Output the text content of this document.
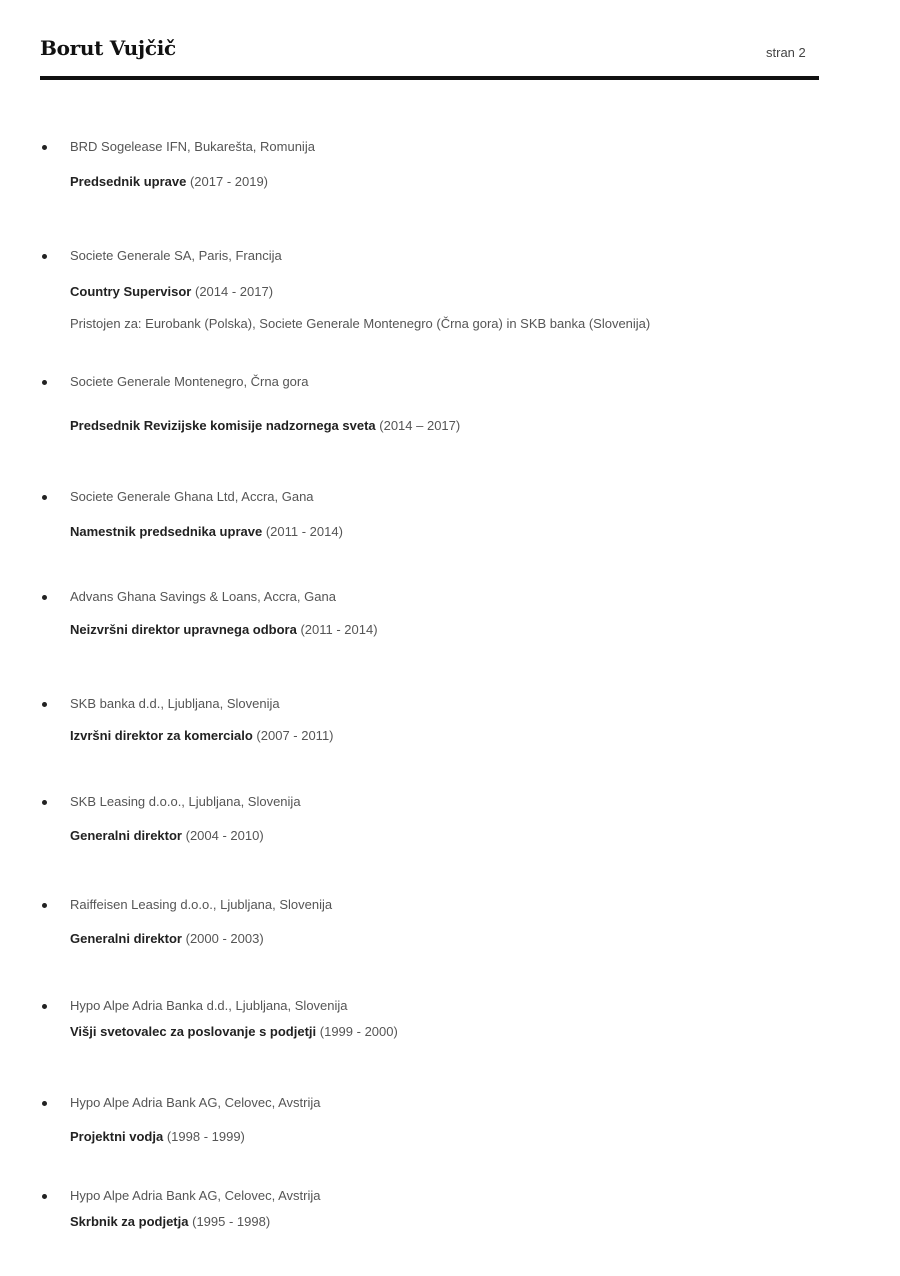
Borut Vujčič	stran 2
BRD Sogelease IFN, Bukarešta, Romunija
Predsednik uprave (2017 - 2019)
Societe Generale SA, Paris, Francija
Country Supervisor (2014 - 2017)
Pristojen za: Eurobank (Polska), Societe Generale Montenegro (Črna gora) in SKB banka (Slovenija)
Societe Generale Montenegro, Črna gora
Predsednik Revizijske komisije nadzornega sveta (2014 – 2017)
Societe Generale Ghana Ltd, Accra, Gana
Namestnik predsednika uprave (2011 - 2014)
Advans Ghana Savings & Loans, Accra, Gana
Neizvršni direktor upravnega odbora (2011 - 2014)
SKB banka d.d., Ljubljana, Slovenija
Izvršni direktor za komercialo (2007 - 2011)
SKB Leasing d.o.o., Ljubljana, Slovenija
Generalni direktor (2004 - 2010)
Raiffeisen Leasing d.o.o., Ljubljana, Slovenija
Generalni direktor (2000 - 2003)
Hypo Alpe Adria Banka d.d., Ljubljana, Slovenija
Višji svetovalec za poslovanje s podjetji (1999 - 2000)
Hypo Alpe Adria Bank AG, Celovec, Avstrija
Projektni vodja (1998 - 1999)
Hypo Alpe Adria Bank AG, Celovec, Avstrija
Skrbnik za podjetja (1995 - 1998)
